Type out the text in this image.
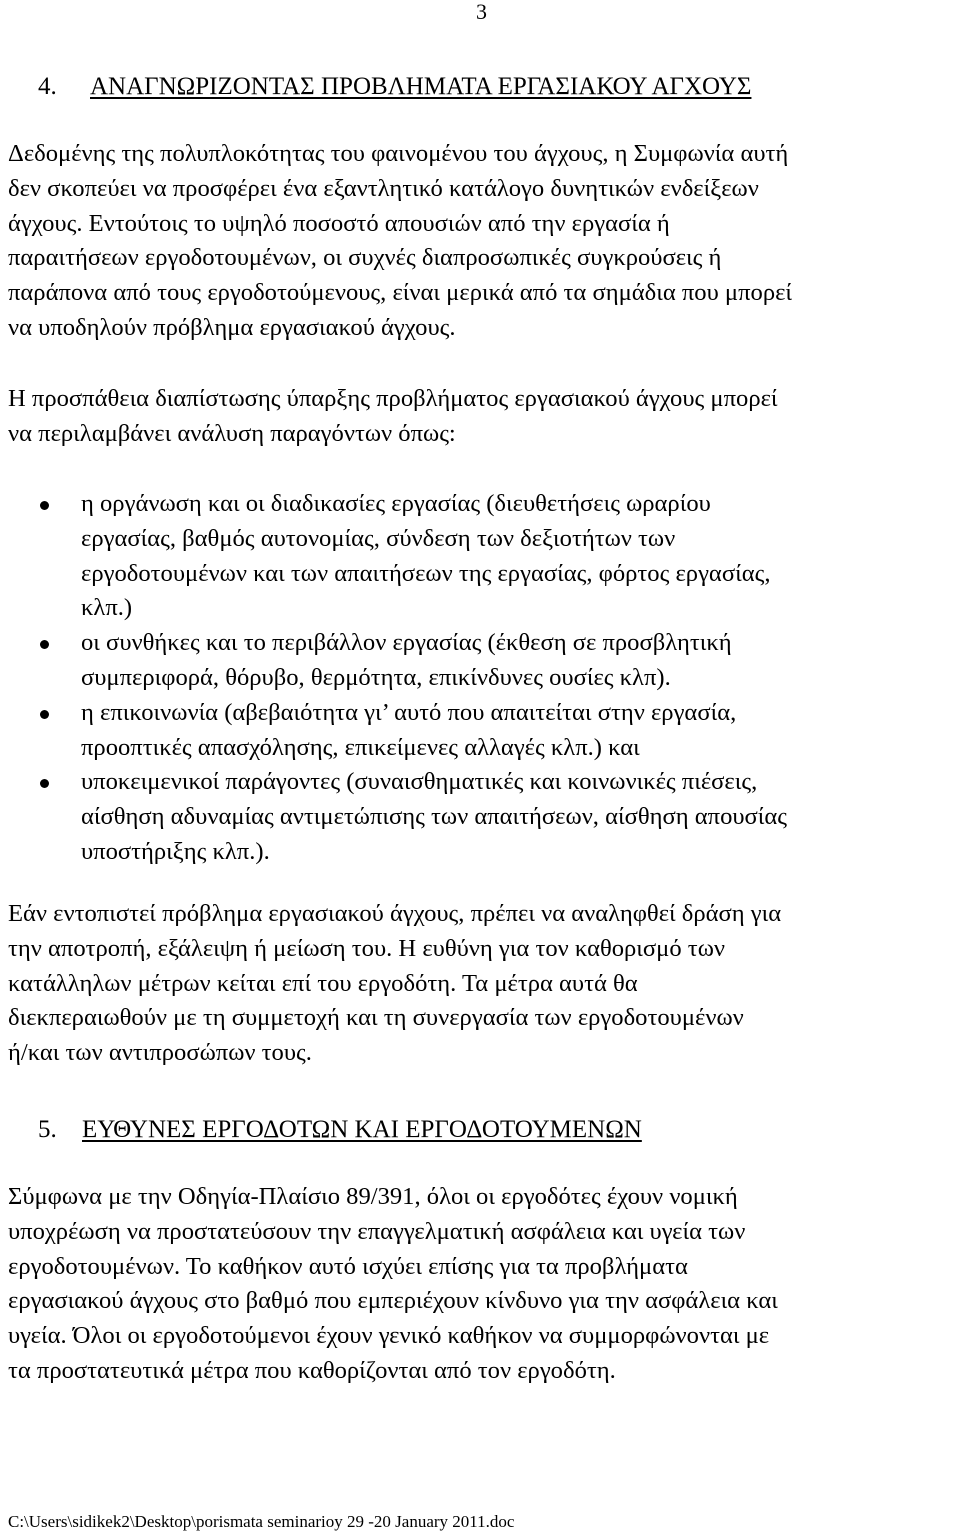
3
4. ΑΝΑΓΝΩΡΙΖΟΝΤΑΣ ΠΡΟΒΛΗΜΑΤΑ ΕΡΓΑΣΙΑΚΟΥ ΑΓΧΟΥΣ
Δεδομένης της πολυπλοκότητας του φαινομένου του άγχους, η Συμφωνία αυτή
δεν σκοπεύει να προσφέρει ένα εξαντλητικό κατάλογο δυνητικών ενδείξεων
άγχους. Εντούτοις το υψηλό ποσοστό απουσιών από την εργασία ή
παραιτήσεων εργοδοτουμένων, οι συχνές διαπροσωπικές συγκρούσεις ή
παράπονα από τους εργοδοτούμενους, είναι μερικά από τα σημάδια που μπορεί
να υποδηλούν πρόβλημα εργασιακού άγχους.
Η προσπάθεια διαπίστωσης ύπαρξης προβλήματος εργασιακού άγχους μπορεί
να περιλαμβάνει ανάλυση παραγόντων όπως:
η οργάνωση και οι διαδικασίες εργασίας (διευθετήσεις ωραρίου
εργασίας, βαθμός αυτονομίας, σύνδεση των δεξιοτήτων των
εργοδοτουμένων και των απαιτήσεων της εργασίας, φόρτος εργασίας,
κλπ.)
οι συνθήκες και το περιβάλλον εργασίας (έκθεση σε προσβλητική
συμπεριφορά, θόρυβο, θερμότητα, επικίνδυνες ουσίες κλπ).
η επικοινωνία (αβεβαιότητα γι’ αυτό που απαιτείται στην εργασία,
προοπτικές απασχόλησης, επικείμενες αλλαγές κλπ.) και
υποκειμενικοί παράγοντες (συναισθηματικές και κοινωνικές πιέσεις,
αίσθηση αδυναμίας αντιμετώπισης των απαιτήσεων, αίσθηση απουσίας
υποστήριξης κλπ.).
Εάν εντοπιστεί πρόβλημα εργασιακού άγχους, πρέπει να αναληφθεί δράση για
την αποτροπή, εξάλειψη ή μείωση του. Η ευθύνη για τον καθορισμό των
κατάλληλων μέτρων κείται επί του εργοδότη. Τα μέτρα αυτά θα
διεκπεραιωθούν με τη συμμετοχή και τη συνεργασία των εργοδοτουμένων
ή/και των αντιπροσώπων τους.
5. ΕΥΘΥΝΕΣ ΕΡΓΟΔΟΤΩΝ ΚΑΙ ΕΡΓΟΔΟΤΟΥΜΕΝΩΝ
Σύμφωνα με την Οδηγία-Πλαίσιο 89/391, όλοι οι εργοδότες έχουν νομική
υποχρέωση να προστατεύσουν την επαγγελματική ασφάλεια και υγεία των
εργοδοτουμένων. Το καθήκον αυτό ισχύει επίσης για τα προβλήματα
εργασιακού άγχους στο βαθμό που εμπεριέχουν κίνδυνο για την ασφάλεια και
υγεία. Όλοι οι εργοδοτούμενοι έχουν γενικό καθήκον να συμμορφώνονται με
τα προστατευτικά μέτρα που καθορίζονται από τον εργοδότη.
C:\Users\sidikek2\Desktop\porismata seminarioy 29 -20 January 2011.doc
